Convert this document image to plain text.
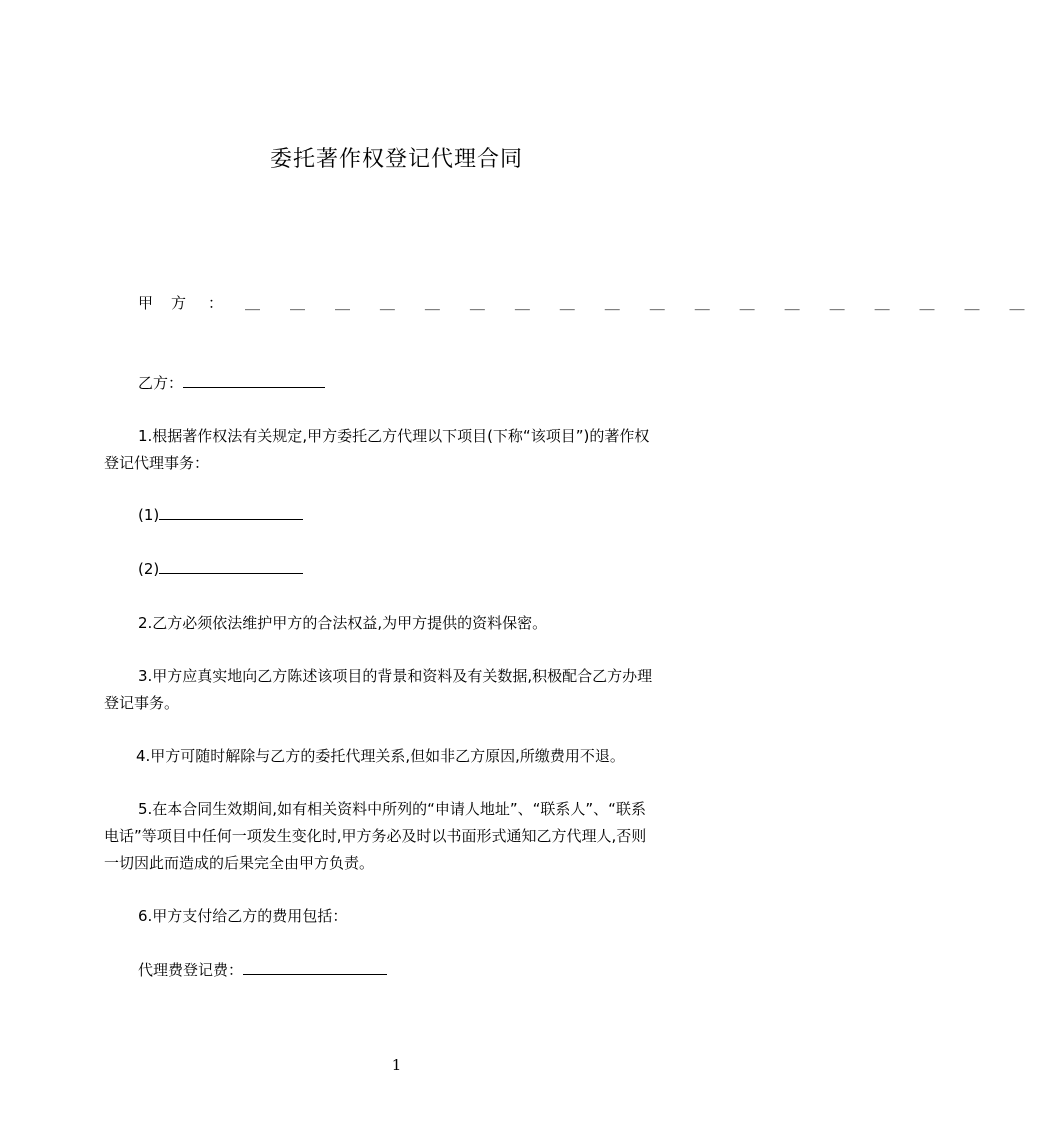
委托著作权登记代理合同
甲方 ： ＿ ＿ ＿ ＿ ＿ ＿ ＿ ＿ ＿ ＿ ＿ ＿ ＿ ＿ ＿ ＿ ＿ ＿
乙方：
1.根据著作权法有关规定,甲方委托乙方代理以下项目(下称“该项目”)的著作权
登记代理事务：
(1)
(2)
2.乙方必须依法维护甲方的合法权益,为甲方提供的资料保密。
3.甲方应真实地向乙方陈述该项目的背景和资料及有关数据,积极配合乙方办理
登记事务。
4.甲方可随时解除与乙方的委托代理关系,但如非乙方原因,所缴费用不退。
5.在本合同生效期间,如有相关资料中所列的“申请人地址”、“联系人”、“联系
电话”等项目中任何一项发生变化时,甲方务必及时以书面形式通知乙方代理人,否则
一切因此而造成的后果完全由甲方负责。
6.甲方支付给乙方的费用包括：
代理费登记费：
1
